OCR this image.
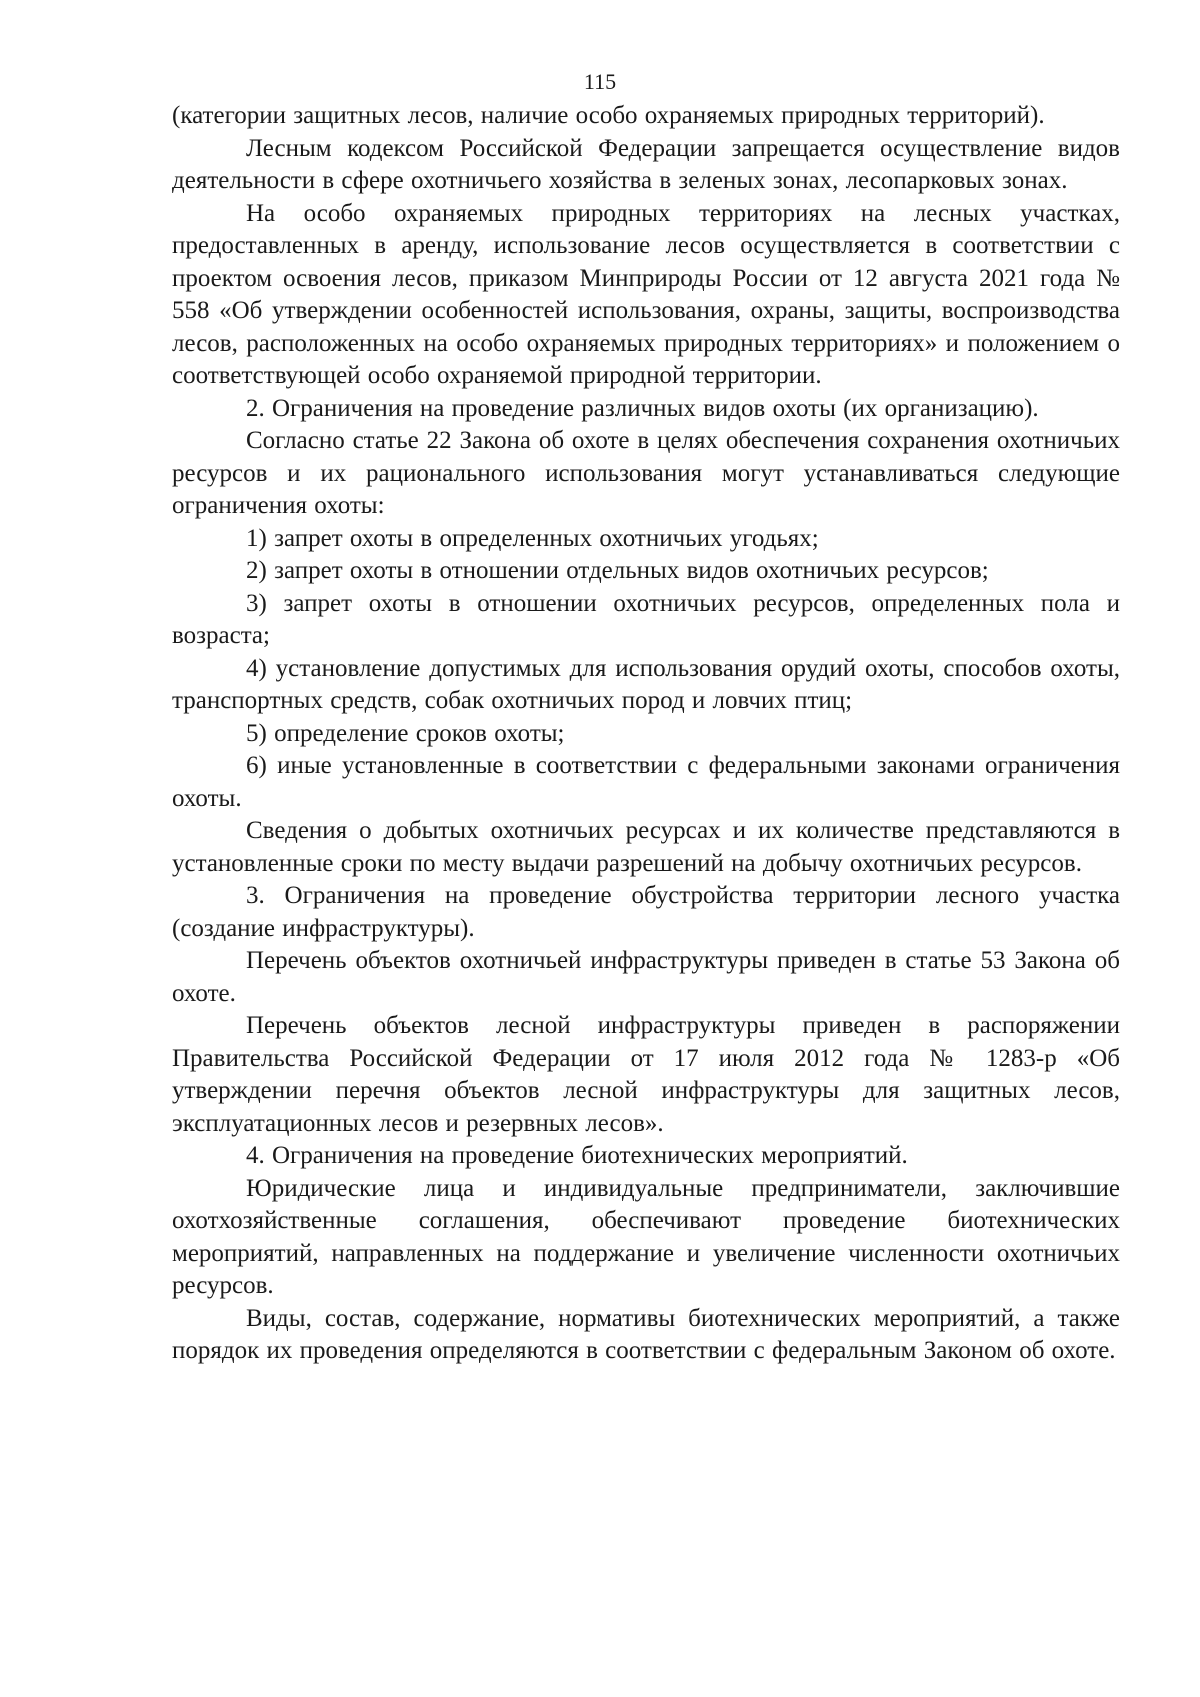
115

(категории защитных лесов, наличие особо охраняемых природных территорий).

Лесным кодексом Российской Федерации запрещается осуществление видов деятельности в сфере охотничьего хозяйства в зеленых зонах, лесопарковых зонах.

На особо охраняемых природных территориях на лесных участках, предоставленных в аренду, использование лесов осуществляется в соответствии с проектом освоения лесов, приказом Минприроды России от 12 августа 2021 года № 558 «Об утверждении особенностей использования, охраны, защиты, воспроизводства лесов, расположенных на особо охраняемых природных территориях» и положением о соответствующей особо охраняемой природной территории.

2. Ограничения на проведение различных видов охоты (их организацию).

Согласно статье 22 Закона об охоте в целях обеспечения сохранения охотничьих ресурсов и их рационального использования могут устанавливаться следующие ограничения охоты:

1) запрет охоты в определенных охотничьих угодьях;

2) запрет охоты в отношении отдельных видов охотничьих ресурсов;

3) запрет охоты в отношении охотничьих ресурсов, определенных пола и возраста;

4) установление допустимых для использования орудий охоты, способов охоты, транспортных средств, собак охотничьих пород и ловчих птиц;

5) определение сроков охоты;

6) иные установленные в соответствии с федеральными законами ограничения охоты.

Сведения о добытых охотничьих ресурсах и их количестве представляются в установленные сроки по месту выдачи разрешений на добычу охотничьих ресурсов.

3. Ограничения на проведение обустройства территории лесного участка (создание инфраструктуры).

Перечень объектов охотничьей инфраструктуры приведен в статье 53 Закона об охоте.

Перечень объектов лесной инфраструктуры приведен в распоряжении Правительства Российской Федерации от 17 июля 2012 года № 1283-р «Об утверждении перечня объектов лесной инфраструктуры для защитных лесов, эксплуатационных лесов и резервных лесов».

4. Ограничения на проведение биотехнических мероприятий.

Юридические лица и индивидуальные предприниматели, заключившие охотхозяйственные соглашения, обеспечивают проведение биотехнических мероприятий, направленных на поддержание и увеличение численности охотничьих ресурсов.

Виды, состав, содержание, нормативы биотехнических мероприятий, а также порядок их проведения определяются в соответствии с федеральным Законом об охоте.
